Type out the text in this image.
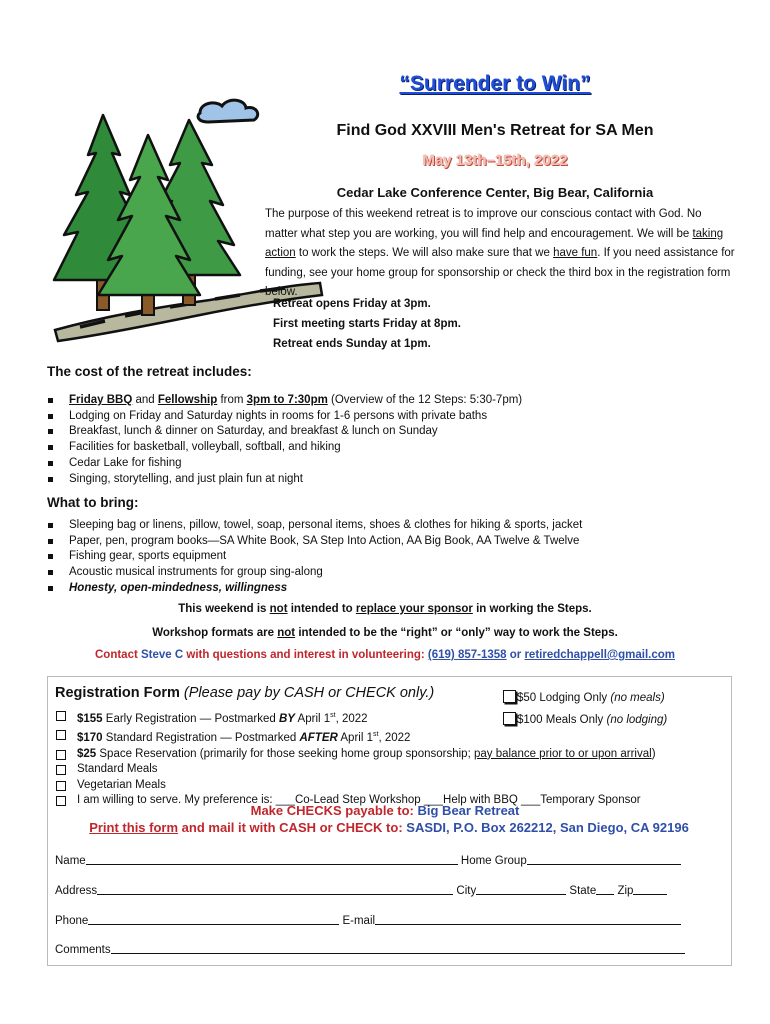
“Surrender to Win”
Find God XXVIII Men's Retreat for SA Men
May 13th–15th, 2022
Cedar Lake Conference Center, Big Bear, California
The purpose of this weekend retreat is to improve our conscious contact with God. No matter what step you are working, you will find help and encouragement. We will be taking action to work the steps. We will also make sure that we have fun. If you need assistance for funding, see your home group for sponsorship or check the third box in the registration form below.
Retreat opens Friday at 3pm.
First meeting starts Friday at 8pm.
Retreat ends Sunday at 1pm.
The cost of the retreat includes:
Friday BBQ and Fellowship from 3pm to 7:30pm (Overview of the 12 Steps: 5:30-7pm)
Lodging on Friday and Saturday nights in rooms for 1-6 persons with private baths
Breakfast, lunch & dinner on Saturday, and breakfast & lunch on Sunday
Facilities for basketball, volleyball, softball, and hiking
Cedar Lake for fishing
Singing, storytelling, and just plain fun at night
What to bring:
Sleeping bag or linens, pillow, towel, soap, personal items, shoes & clothes for hiking & sports, jacket
Paper, pen, program books—SA White Book, SA Step Into Action, AA Big Book, AA Twelve & Twelve
Fishing gear, sports equipment
Acoustic musical instruments for group sing-along
Honesty, open-mindedness, willingness
This weekend is not intended to replace your sponsor in working the Steps.
Workshop formats are not intended to be the “right” or “only” way to work the Steps.
Contact Steve C with questions and interest in volunteering: (619) 857-1358 or retiredchappell@gmail.com
Registration Form (Please pay by CASH or CHECK only.)	$50 Lodging Only (no meals)
$100 Meals Only (no lodging)
$155 Early Registration — Postmarked BY April 1st, 2022
$170 Standard Registration — Postmarked AFTER April 1st, 2022
$25 Space Reservation (primarily for those seeking home group sponsorship; pay balance prior to or upon arrival)
Standard Meals
Vegetarian Meals
I am willing to serve. My preference is: ___Co-Lead Step Workshop ___Help with BBQ ___Temporary Sponsor
Make CHECKS payable to: Big Bear Retreat
Print this form and mail it with CASH or CHECK to: SASDI, P.O. Box 262212, San Diego, CA 92196
Name	Home Group
Address	City	State Zip
Phone	E-mail
Comments
